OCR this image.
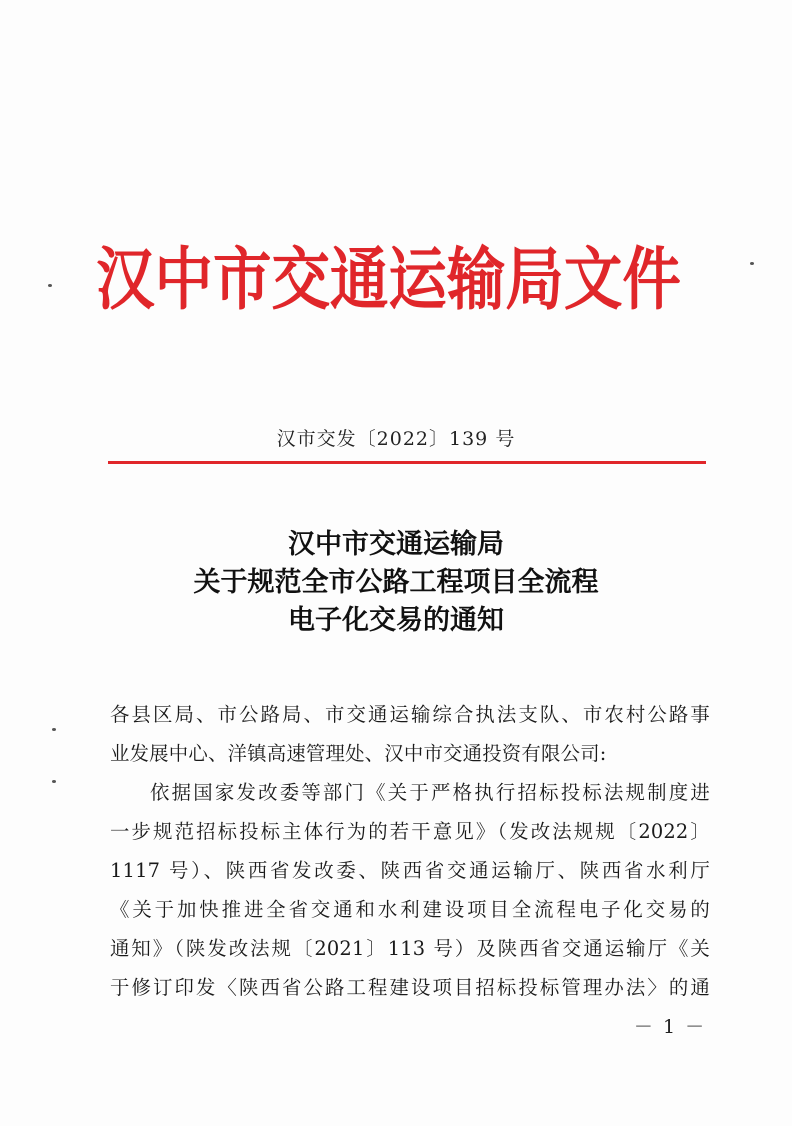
汉中市交通运输局文件
汉市交发〔2022〕139 号
汉中市交通运输局
关于规范全市公路工程项目全流程
电子化交易的通知
各县区局、市公路局、市交通运输综合执法支队、市农村公路事
业发展中心、洋镇高速管理处、汉中市交通投资有限公司:
依据国家发改委等部门《关于严格执行招标投标法规制度进
一步规范招标投标主体行为的若干意见》（发改法规规〔2022〕
1117 号）、陕西省发改委、陕西省交通运输厅、陕西省水利厅
《关于加快推进全省交通和水利建设项目全流程电子化交易的
通知》（陕发改法规〔2021〕113 号）及陕西省交通运输厅《关
于修订印发〈陕西省公路工程建设项目招标投标管理办法〉的通
－ 1 －
